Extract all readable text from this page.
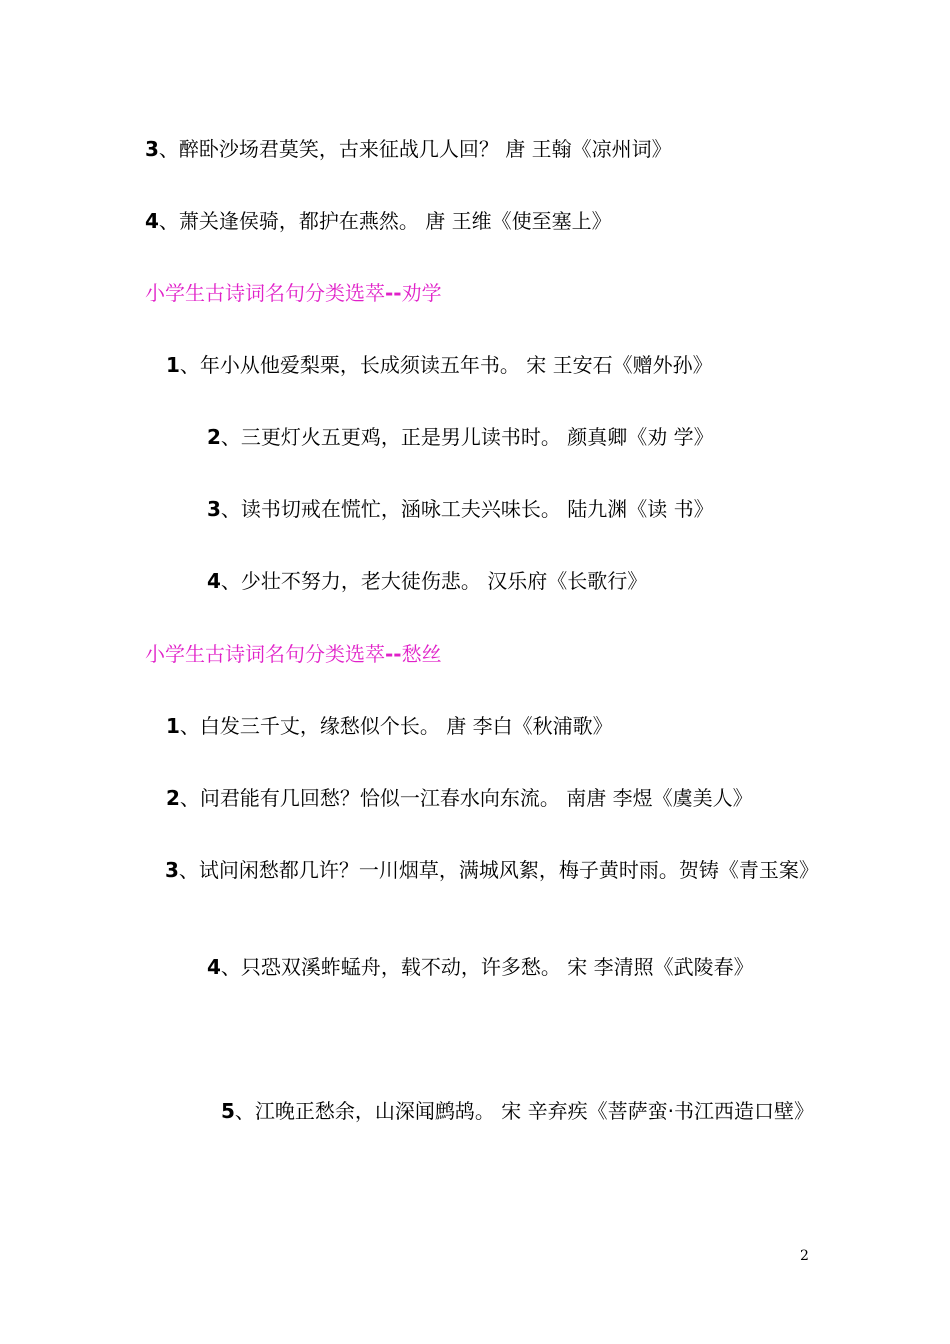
3、醉卧沙场君莫笑，古来征战几人回？ 唐 王翰《凉州词》

4、萧关逢侯骑，都护在燕然。 唐 王维《使至塞上》

小学生古诗词名句分类选萃--劝学

1、年小从他爱梨栗，长成须读五年书。 宋 王安石《赠外孙》

2、三更灯火五更鸡，正是男儿读书时。 颜真卿《劝 学》

3、读书切戒在慌忙，涵咏工夫兴味长。 陆九渊《读 书》

4、少壮不努力，老大徒伤悲。 汉乐府《长歌行》

小学生古诗词名句分类选萃--愁丝

1、白发三千丈，缘愁似个长。 唐 李白《秋浦歌》

2、问君能有几回愁？恰似一江春水向东流。 南唐 李煜《虞美人》

3、试问闲愁都几许？一川烟草，满城风絮，梅子黄时雨。贺铸《青玉案》

4、只恐双溪蚱蜢舟，载不动，许多愁。 宋 李清照《武陵春》

5、江晚正愁余，山深闻鹧鸪。 宋 辛弃疾《菩萨蛮·书江西造口壁》

2
